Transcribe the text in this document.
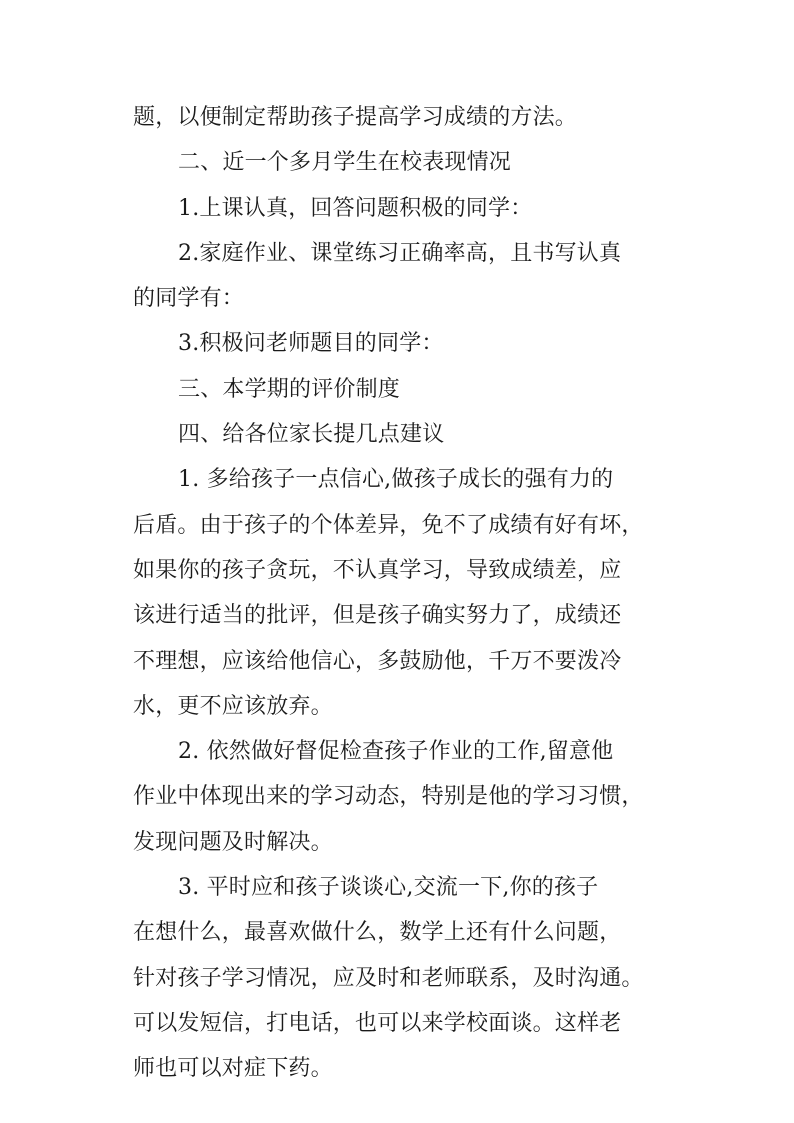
题，以便制定帮助孩子提高学习成绩的方法。
二、近一个多月学生在校表现情况
1.上课认真，回答问题积极的同学：
2.家庭作业、课堂练习正确率高，且书写认真
的同学有：
3.积极问老师题目的同学：
三、本学期的评价制度
四、给各位家长提几点建议
1. 多给孩子一点信心,做孩子成长的强有力的
后盾。由于孩子的个体差异，免不了成绩有好有坏，
如果你的孩子贪玩，不认真学习，导致成绩差，应
该进行适当的批评，但是孩子确实努力了，成绩还
不理想，应该给他信心，多鼓励他，千万不要泼冷
水，更不应该放弃。
2. 依然做好督促检查孩子作业的工作,留意他
作业中体现出来的学习动态，特别是他的学习习惯，
发现问题及时解决。
3. 平时应和孩子谈谈心,交流一下,你的孩子
在想什么，最喜欢做什么，数学上还有什么问题，
针对孩子学习情况，应及时和老师联系，及时沟通。
可以发短信，打电话，也可以来学校面谈。这样老
师也可以对症下药。
